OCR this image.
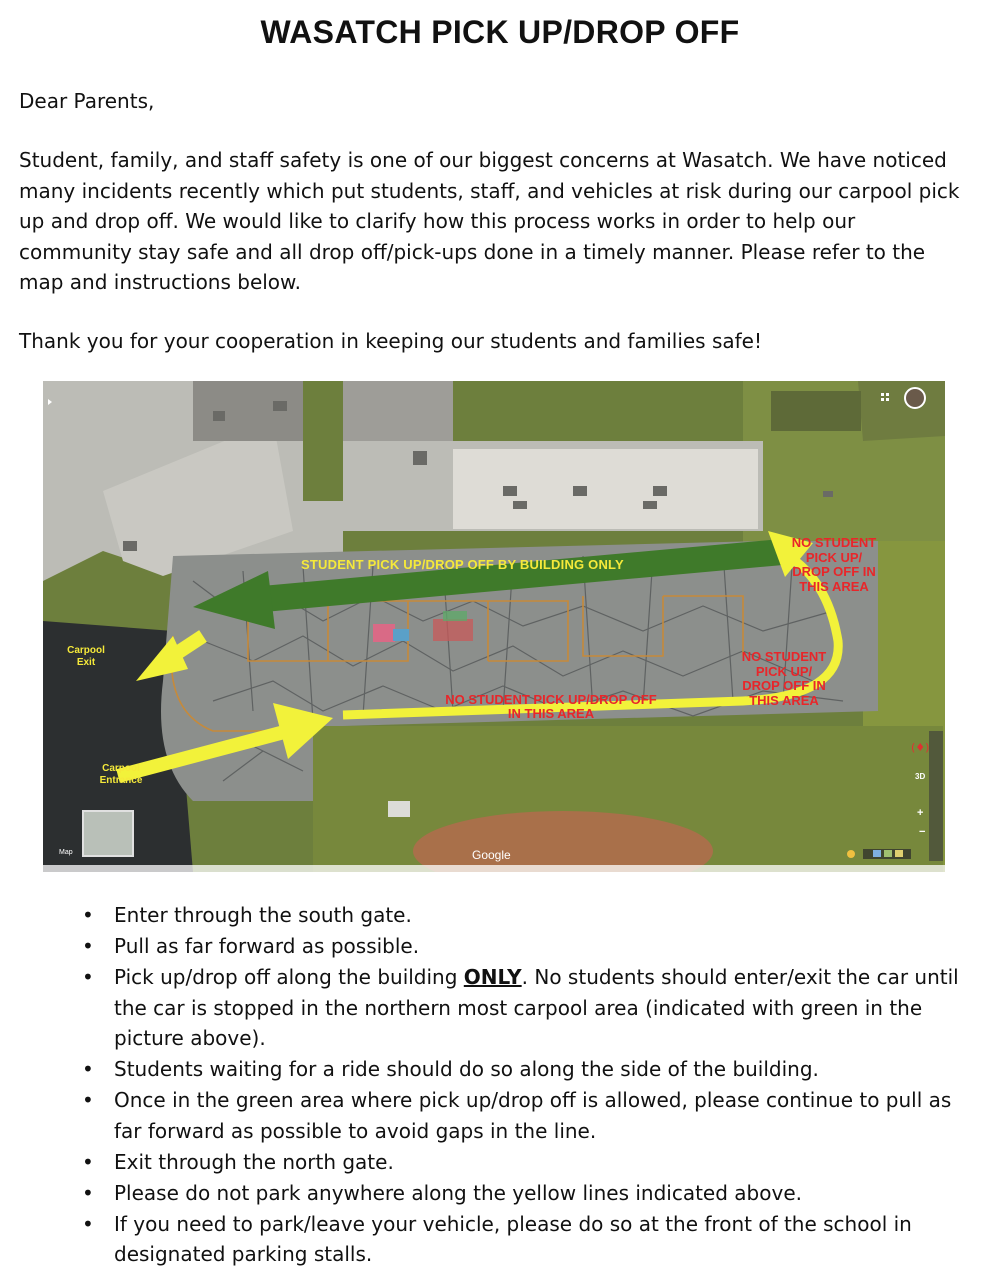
WASATCH PICK UP/DROP OFF
Dear Parents,
Student, family, and staff safety is one of our biggest concerns at Wasatch. We have noticed many incidents recently which put students, staff, and vehicles at risk during our carpool pick up and drop off. We would like to clarify how this process works in order to help our community stay safe and all drop off/pick-ups done in a timely manner. Please refer to the map and instructions below.
Thank you for your cooperation in keeping our students and families safe!
STUDENT PICK UP/DROP OFF BY BUILDING ONLY
NO STUDENT PICK UP/DROP OFF
IN THIS AREA
NO STUDENT
PICK UP/
DROP OFF IN
THIS AREA
NO STUDENT
PICK UP/
DROP OFF IN
THIS AREA
Carpool
Exit
Carpool
Entrance
Google
Map
3D
+
−
(♦)
• Enter through the south gate.
• Pull as far forward as possible.
• Pick up/drop off along the building ONLY. No students should enter/exit the car until the car is stopped in the northern most carpool area (indicated with green in the picture above).
• Students waiting for a ride should do so along the side of the building.
• Once in the green area where pick up/drop off is allowed, please continue to pull as far forward as possible to avoid gaps in the line.
• Exit through the north gate.
• Please do not park anywhere along the yellow lines indicated above.
• If you need to park/leave your vehicle, please do so at the front of the school in designated parking stalls.
